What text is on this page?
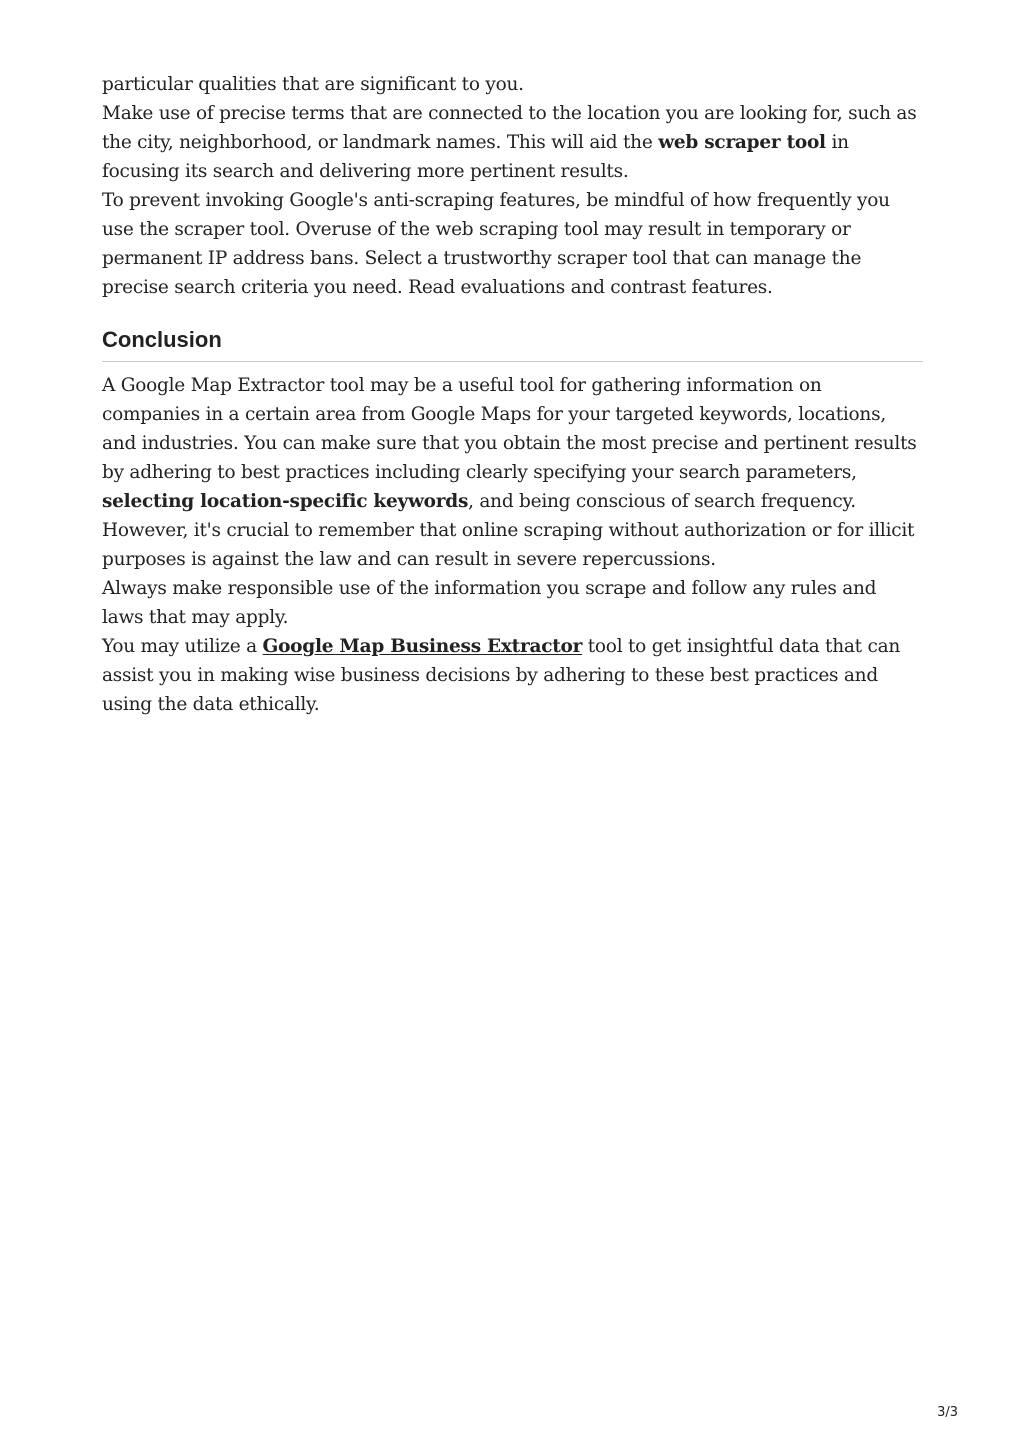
particular qualities that are significant to you.

Make use of precise terms that are connected to the location you are looking for, such as the city, neighborhood, or landmark names. This will aid the web scraper tool in focusing its search and delivering more pertinent results.

To prevent invoking Google's anti-scraping features, be mindful of how frequently you use the scraper tool. Overuse of the web scraping tool may result in temporary or permanent IP address bans. Select a trustworthy scraper tool that can manage the precise search criteria you need. Read evaluations and contrast features.

Conclusion

A Google Map Extractor tool may be a useful tool for gathering information on companies in a certain area from Google Maps for your targeted keywords, locations, and industries. You can make sure that you obtain the most precise and pertinent results by adhering to best practices including clearly specifying your search parameters, selecting location-specific keywords, and being conscious of search frequency.

However, it's crucial to remember that online scraping without authorization or for illicit purposes is against the law and can result in severe repercussions.

Always make responsible use of the information you scrape and follow any rules and laws that may apply.

You may utilize a Google Map Business Extractor tool to get insightful data that can assist you in making wise business decisions by adhering to these best practices and using the data ethically.

3/3
